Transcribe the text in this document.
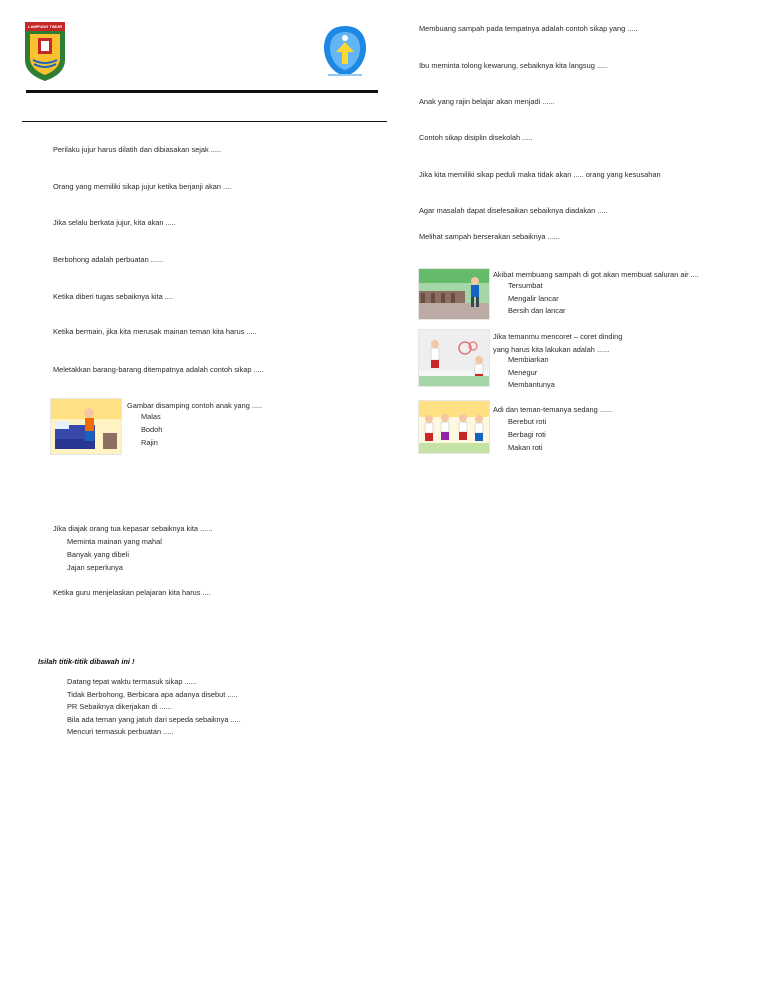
LAMPUNG TIMUR
Perilaku jujur harus dilatih dan dibiasakan sejak .....
Orang yang memiliki sikap jujur ketika berjanji akan ....
Jika selalu berkata jujur, kita akan .....
Berbohong adalah perbuatan ......
Ketika diberi tugas sebaiknya kita ....
Ketika bermain, jika kita merusak mainan teman kita harus .....
Meletakkan barang-barang ditempatnya adalah contoh sikap .....
Gambar disamping contoh anak yang .....
Malas
Bodoh
Rajin
Jika diajak orang tua kepasar sebaiknya kita ......
Meminta mainan yang mahal
Banyak yang dibeli
Jajan seperlunya
Ketika guru menjelaskan pelajaran kita harus ....
Isilah titik-titik dibawah ini !
Datang tepat waktu termasuk sikap ......
Tidak Berbohong, Berbicara apa adanya disebut .....
PR Sebaiknya dikerjakan di ......
Bila ada teman yang jatuh dari sepeda sebaiknya .....
Mencuri termasuk perbuatan .....
Membuang sampah pada tempatnya adalah contoh sikap yang .....
Ibu meminta tolong kewarung, sebaiknya kita langsug .....
Anak yang rajin belajar akan menjadi ......
Contoh sikap disiplin disekolah .....
Jika kita memiliki sikap peduli maka tidak akan ..... orang yang kesusahan
Agar masalah dapat diselesaikan sebaiknya diadakan .....
Melihat sampah berserakan sebaiknya ......
Akibat membuang sampah di got akan membuat saluran air ....
Tersumbat
Mengalir lancar
Bersih dan lancar
Jika temanmu mencoret – coret dinding
yang harus kita lakukan adalah ......
Membiarkan
Menegur
Membantunya
Adi dan teman-temanya sedang ......
Berebut roti
Berbagi roti
Makan roti
